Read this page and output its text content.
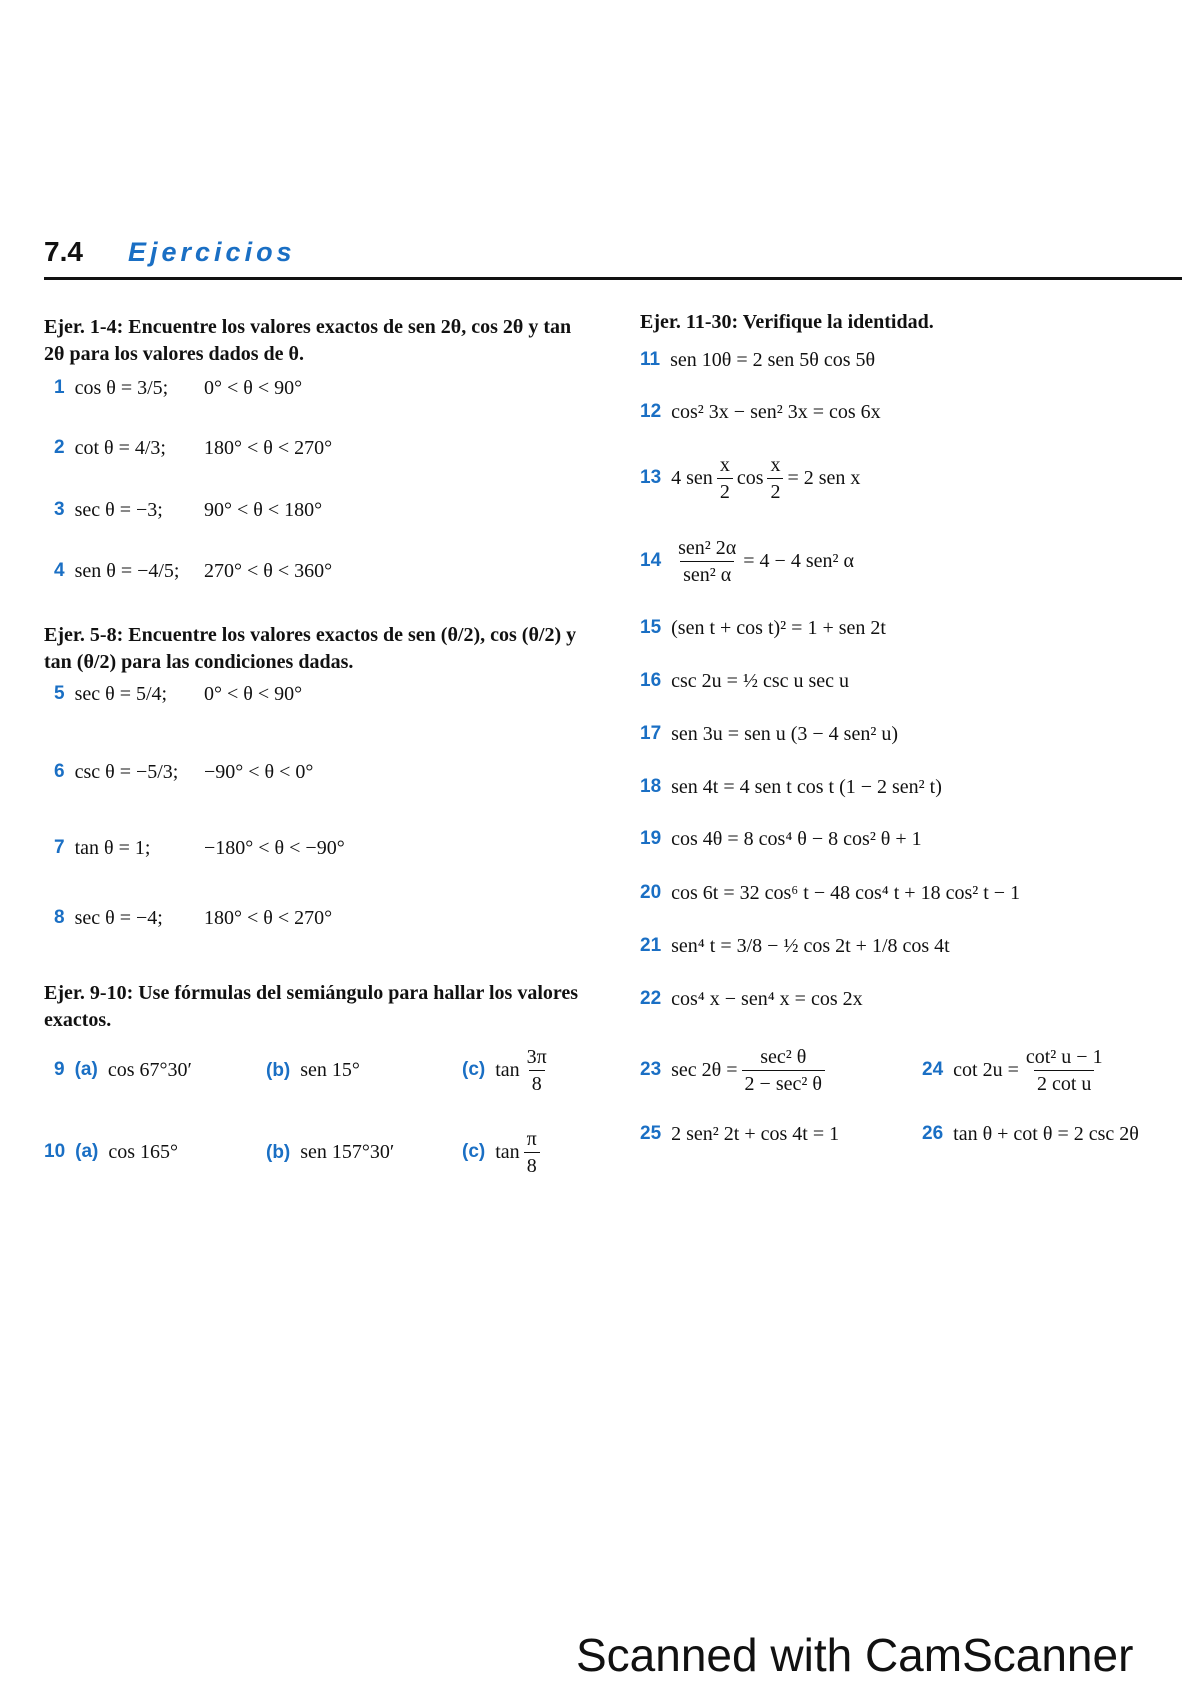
7.4 Ejercicios
Ejer. 1-4: Encuentre los valores exactos de sen 2θ, cos 2θ y tan 2θ para los valores dados de θ.
1 cos θ = 3/5; 0° < θ < 90°
2 cot θ = 4/3; 180° < θ < 270°
3 sec θ = −3; 90° < θ < 180°
4 sen θ = −4/5; 270° < θ < 360°
Ejer. 5-8: Encuentre los valores exactos de sen (θ/2), cos (θ/2) y tan (θ/2) para las condiciones dadas.
5 sec θ = 5/4; 0° < θ < 90°
6 csc θ = −5/3; −90° < θ < 0°
7 tan θ = 1;	−180° < θ < −90°
8 sec θ = −4; 180° < θ < 270°
Ejer. 9-10: Use fórmulas del semiángulo para hallar los valores exactos.
9 (a) cos 67°30′	(b) sen 15°	(c) $\tan \frac{3\pi}{8}$
10 (a) cos 165°	(b) sen 157°30′	(c) $\tan \frac{\pi}{8}$
Ejer. 11-30: Verifique la identidad.
11 sen 10θ = 2 sen 5θ cos 5θ
12 cos² 3x − sen² 3x = cos 6x
13 4 sen $\frac{x}{2}$ $\cos \frac{x}{2} = 2$ sen x
$14 \frac{\text{sen² 2α}}{\text{sen² α}} = 4 - 4$ sen² α
15 (sen t + cos t)² = 1 + sen 2t
16 csc 2u = ½ csc u sec u
17 sen 3u = sen u (3 − 4 sen² u)
18 sen 4t = 4 sen t cos t (1 − 2 sen² t)
19 cos 4θ = 8 cos⁴ θ − 8 cos² θ + 1
20 cos 6t = 32 cos⁶ t − 48 cos⁴ t + 18 cos² t − 1
21 sen⁴ t = 3/8 − ½ cos 2t + 1/8 cos 4t
22 cos⁴ x − sen⁴ x = cos 2x
23 $\sec 2\theta = \frac{\text{sec² θ}}{\text{2 − sec² θ}}$	24 $\cot 2u = \frac{\text{cot² u − 1}}{\text{2 cot u}}$
25 2 sen² 2t + cos 4t = 1	26 tan θ + cot θ = 2 csc 2θ
Scanned with CamScanner
